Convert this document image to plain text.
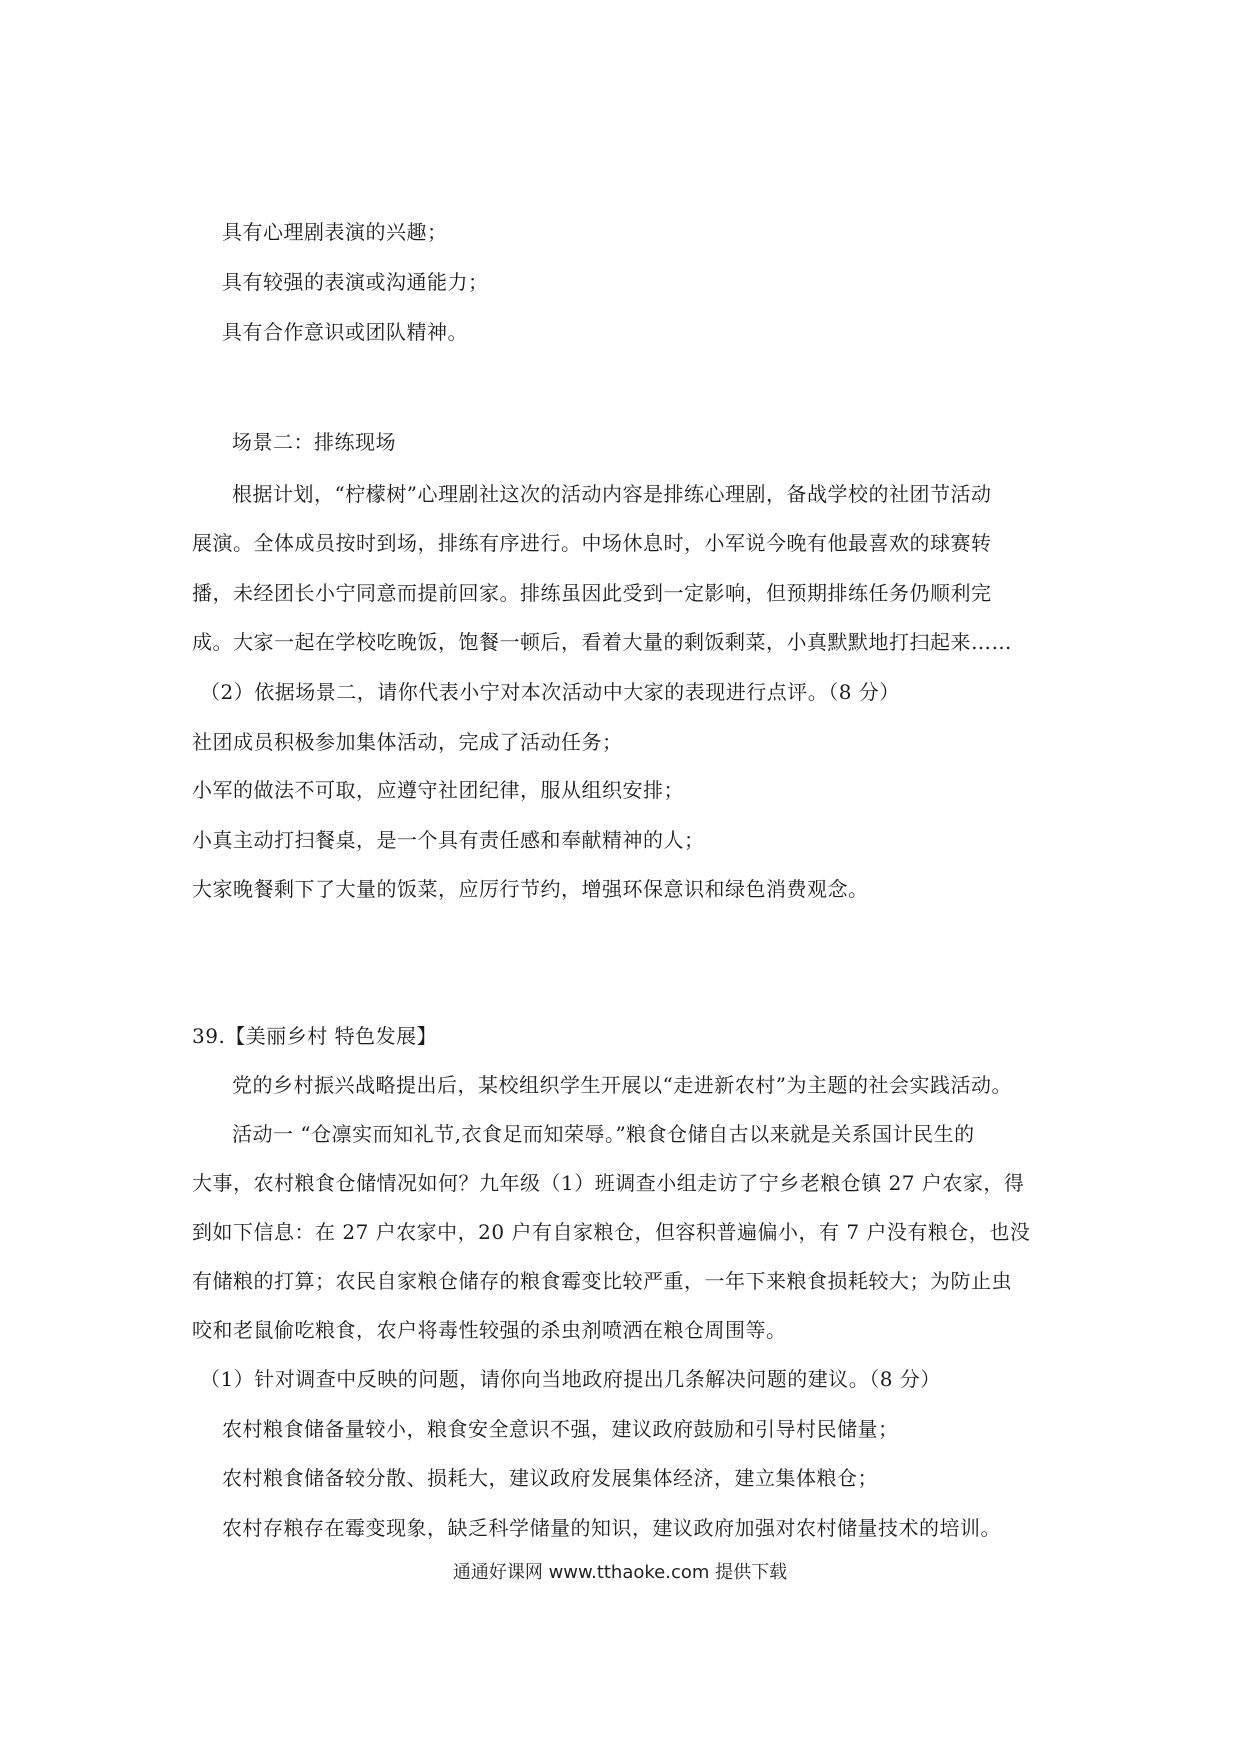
具有心理剧表演的兴趣；
具有较强的表演或沟通能力；
具有合作意识或团队精神。
场景二：排练现场
根据计划，“柠檬树”心理剧社这次的活动内容是排练心理剧，备战学校的社团节活动
展演。全体成员按时到场，排练有序进行。中场休息时，小军说今晚有他最喜欢的球赛转
播，未经团长小宁同意而提前回家。排练虽因此受到一定影响，但预期排练任务仍顺利完
成。大家一起在学校吃晚饭，饱餐一顿后，看着大量的剩饭剩菜，小真默默地打扫起来……
（2）依据场景二，请你代表小宁对本次活动中大家的表现进行点评。（8 分）
社团成员积极参加集体活动，完成了活动任务；
小军的做法不可取，应遵守社团纪律，服从组织安排；
小真主动打扫餐桌，是一个具有责任感和奉献精神的人；
大家晚餐剩下了大量的饭菜，应厉行节约，增强环保意识和绿色消费观念。
39.【美丽乡村 特色发展】
党的乡村振兴战略提出后，某校组织学生开展以“走进新农村”为主题的社会实践活动。
活动一 “仓凛实而知礼节,衣食足而知荣辱。”粮食仓储自古以来就是关系国计民生的
大事，农村粮食仓储情况如何？九年级（1）班调查小组走访了宁乡老粮仓镇 27 户农家，得
到如下信息：在 27 户农家中，20 户有自家粮仓，但容积普遍偏小，有 7 户没有粮仓，也没
有储粮的打算；农民自家粮仓储存的粮食霉变比较严重，一年下来粮食损耗较大；为防止虫
咬和老鼠偷吃粮食，农户将毒性较强的杀虫剂喷洒在粮仓周围等。
（1）针对调查中反映的问题，请你向当地政府提出几条解决问题的建议。（8 分）
农村粮食储备量较小，粮食安全意识不强，建议政府鼓励和引导村民储量；
农村粮食储备较分散、损耗大，建议政府发展集体经济，建立集体粮仓；
农村存粮存在霉变现象，缺乏科学储量的知识，建议政府加强对农村储量技术的培训。
通通好课网 www.tthaoke.com 提供下载
